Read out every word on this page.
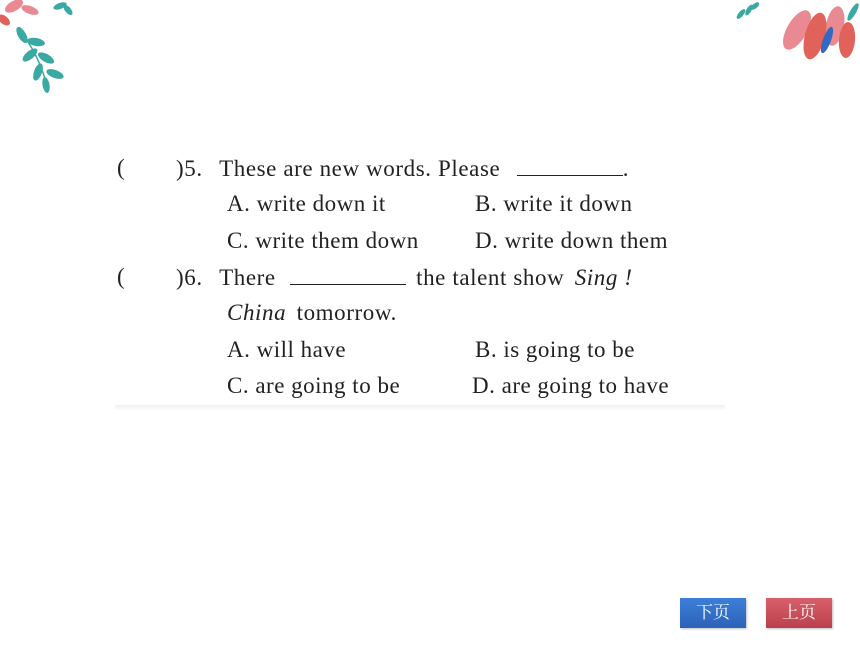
( )5. These are new words. Please	.
A. write down it	B. write it down
C. write them down D. write down them
( )6. There	the talent show Sing !
China tomorrow.
A. will have	B. is going to be
C. are going to be	D. are going to have
下页	上页
